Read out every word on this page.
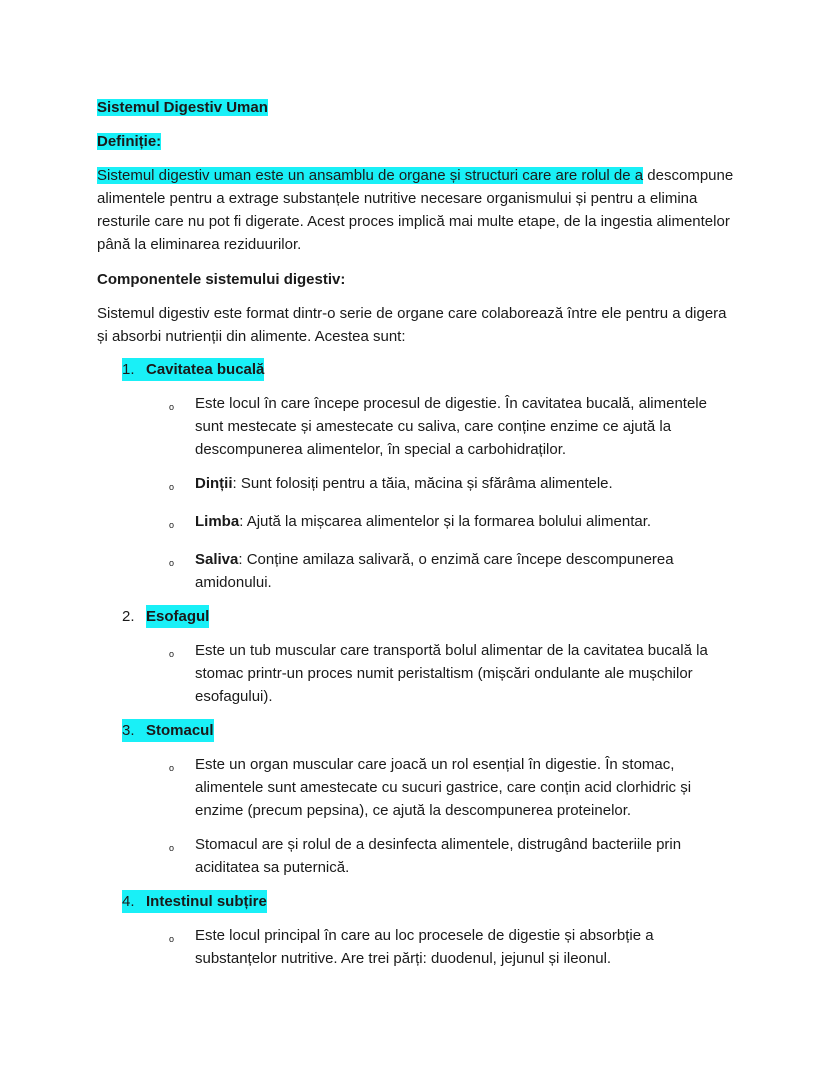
Sistemul Digestiv Uman

Definiție:

Sistemul digestiv uman este un ansamblu de organe și structuri care are rolul de a descompune alimentele pentru a extrage substanțele nutritive necesare organismului și pentru a elimina resturile care nu pot fi digerate. Acest proces implică mai multe etape, de la ingestia alimentelor până la eliminarea reziduurilor.

Componentele sistemului digestiv:

Sistemul digestiv este format dintr-o serie de organe care colaborează între ele pentru a digera și absorbi nutrienții din alimente. Acestea sunt:

1. Cavitatea bucală
o	Este locul în care începe procesul de digestie. În cavitatea bucală, alimentele sunt mestecate și amestecate cu saliva, care conține enzime ce ajută la descompunerea alimentelor, în special a carbohidraților.
o	Dinții: Sunt folosiți pentru a tăia, măcina și sfărâma alimentele.
o	Limba: Ajută la mișcarea alimentelor și la formarea bolului alimentar.
o	Saliva: Conține amilaza salivară, o enzimă care începe descompunerea amidonului.
2. Esofagul
o	Este un tub muscular care transportă bolul alimentar de la cavitatea bucală la stomac printr-un proces numit peristaltism (mișcări ondulante ale mușchilor esofagului).
3. Stomacul
o	Este un organ muscular care joacă un rol esențial în digestie. În stomac, alimentele sunt amestecate cu sucuri gastrice, care conțin acid clorhidric și enzime (precum pepsina), ce ajută la descompunerea proteinelor.
o	Stomacul are și rolul de a desinfecta alimentele, distrugând bacteriile prin aciditatea sa puternică.
4. Intestinul subțire
o	Este locul principal în care au loc procesele de digestie și absorbție a substanțelor nutritive. Are trei părți: duodenul, jejunul și ileonul.
